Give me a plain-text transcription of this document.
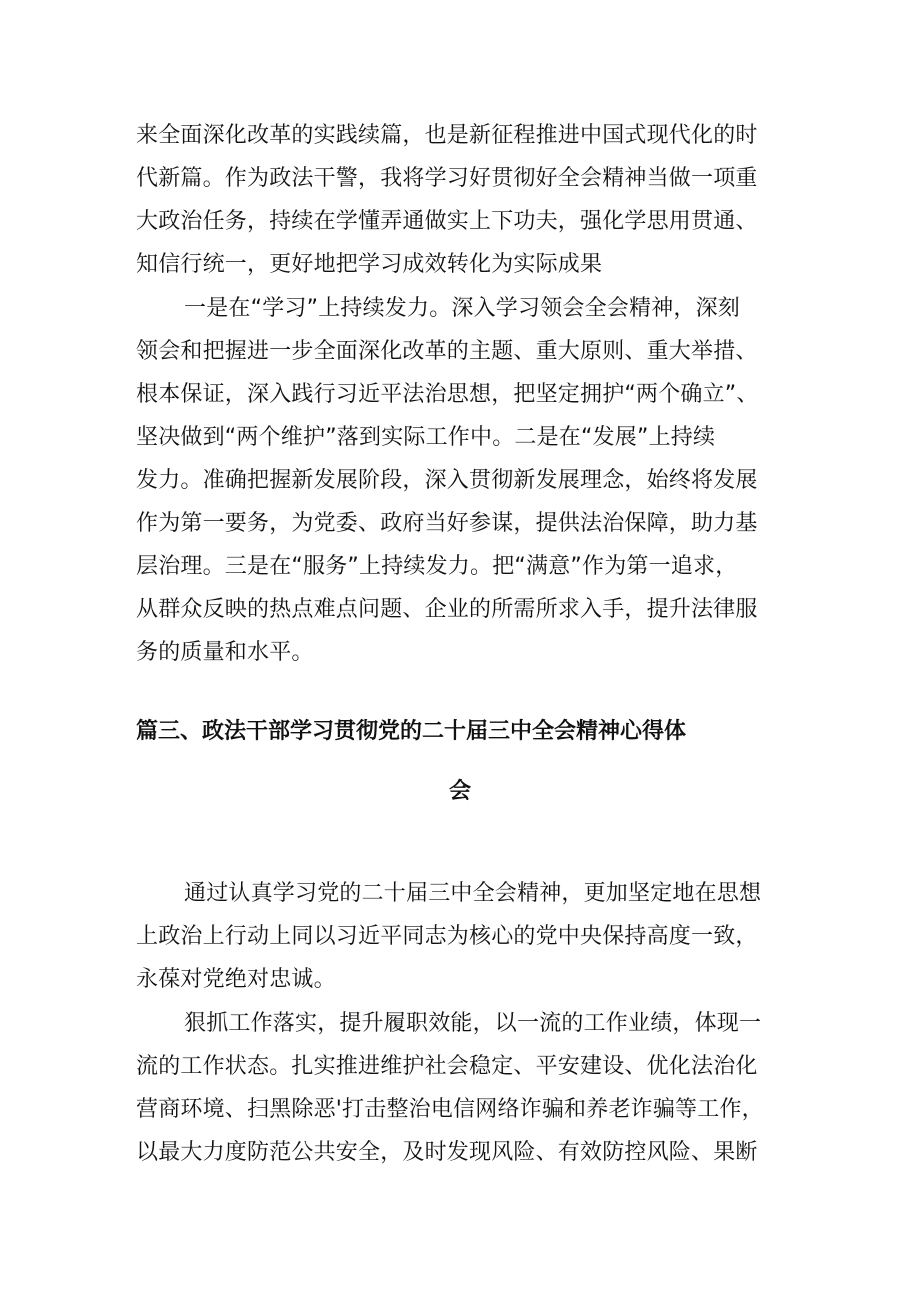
来全面深化改革的实践续篇，也是新征程推进中国式现代化的时
代新篇。作为政法干警，我将学习好贯彻好全会精神当做一项重
大政治任务，持续在学懂弄通做实上下功夫，强化学思用贯通、
知信行统一，更好地把学习成效转化为实际成果
一是在“学习”上持续发力。深入学习领会全会精神，深刻
领会和把握进一步全面深化改革的主题、重大原则、重大举措、
根本保证，深入践行习近平法治思想，把坚定拥护“两个确立”、
坚决做到“两个维护”落到实际工作中。二是在“发展”上持续
发力。准确把握新发展阶段，深入贯彻新发展理念，始终将发展
作为第一要务，为党委、政府当好参谋，提供法治保障，助力基
层治理。三是在“服务”上持续发力。把“满意”作为第一追求，
从群众反映的热点难点问题、企业的所需所求入手，提升法律服
务的质量和水平。
篇三、政法干部学习贯彻党的二十届三中全会精神心得体
会
通过认真学习党的二十届三中全会精神，更加坚定地在思想
上政治上行动上同以习近平同志为核心的党中央保持高度一致，
永葆对党绝对忠诚。
狠抓工作落实，提升履职效能，以一流的工作业绩，体现一
流的工作状态。扎实推进维护社会稳定、平安建设、优化法治化
营商环境、扫黑除恶'打击整治电信网络诈骗和养老诈骗等工作，
以最大力度防范公共安全，及时发现风险、有效防控风险、果断
